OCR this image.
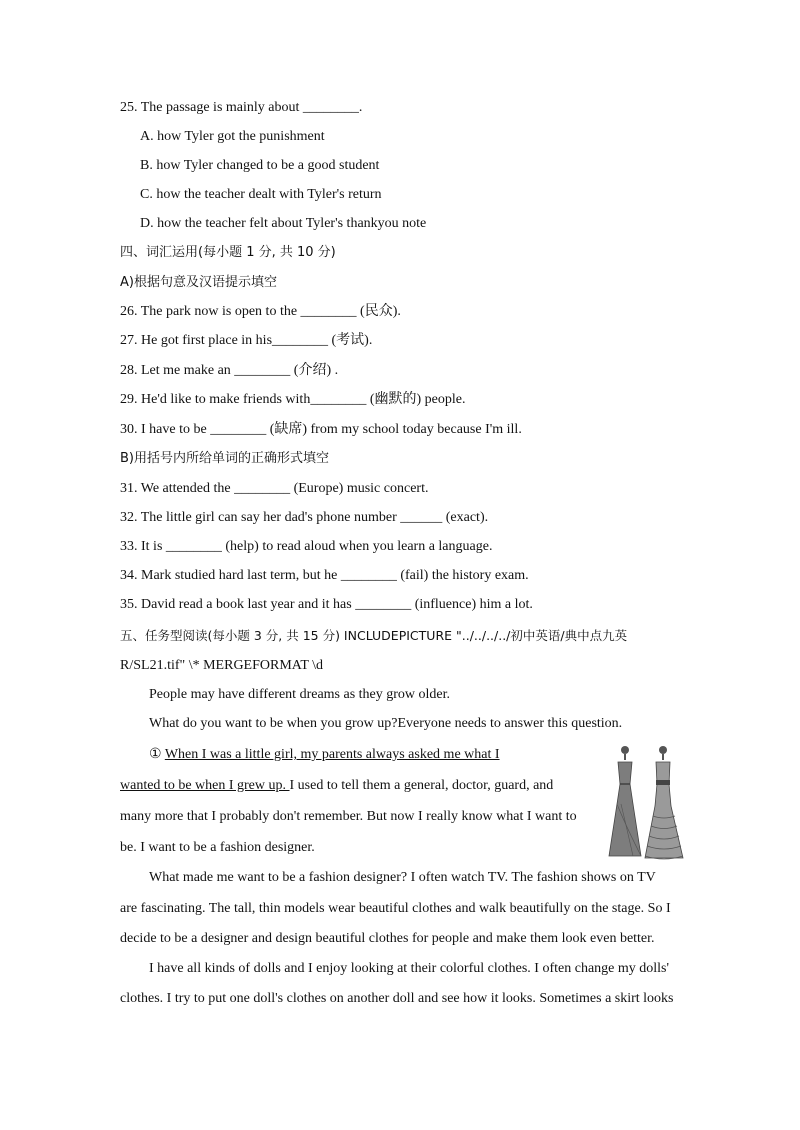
25. The passage is mainly about ________.
A. how Tyler got the punishment
B. how Tyler changed to be a good student
C. how the teacher dealt with Tyler's return
D. how the teacher felt about Tyler's thankyou note
四、词汇运用(每小题 1 分, 共 10 分)
A)根据句意及汉语提示填空
26. The park now is open to the ________ (民众).
27. He got first place in his________ (考试).
28. Let me make an ________ (介绍) .
29. He'd like to make friends with________ (幽默的) people.
30. I have to be ________ (缺席) from my school today because I'm ill.
B)用括号内所给单词的正确形式填空
31. We attended the ________ (Europe) music concert.
32. The little girl can say her dad's phone number ______ (exact).
33. It is ________ (help) to read aloud when you learn a language.
34. Mark studied hard last term, but he ________ (fail) the history exam.
35. David read a book last year and it has ________ (influence) him a lot.
五、任务型阅读(每小题 3 分, 共 15 分) INCLUDEPICTURE "../../../../初中英语/典中点九英
R/SL21.tif" \* MERGEFORMAT \d
People may have different dreams as they grow older.
What do you want to be when you grow up?Everyone needs to answer this question.
① When I was a little girl, my parents always asked me what I
wanted to be when I grew up. I used to tell them a general, doctor, guard, and
many more that I probably don't remember. But now I really know what I want to
be. I want to be a fashion designer.
What made me want to be a fashion designer? I often watch TV. The fashion shows on TV
are fascinating. The tall, thin models wear beautiful clothes and walk beautifully on the stage. So I
decide to be a designer and design beautiful clothes for people and make them look even better.
I have all kinds of dolls and I enjoy looking at their colorful clothes. I often change my dolls'
clothes. I try to put one doll's clothes on another doll and see how it looks. Sometimes a skirt looks
